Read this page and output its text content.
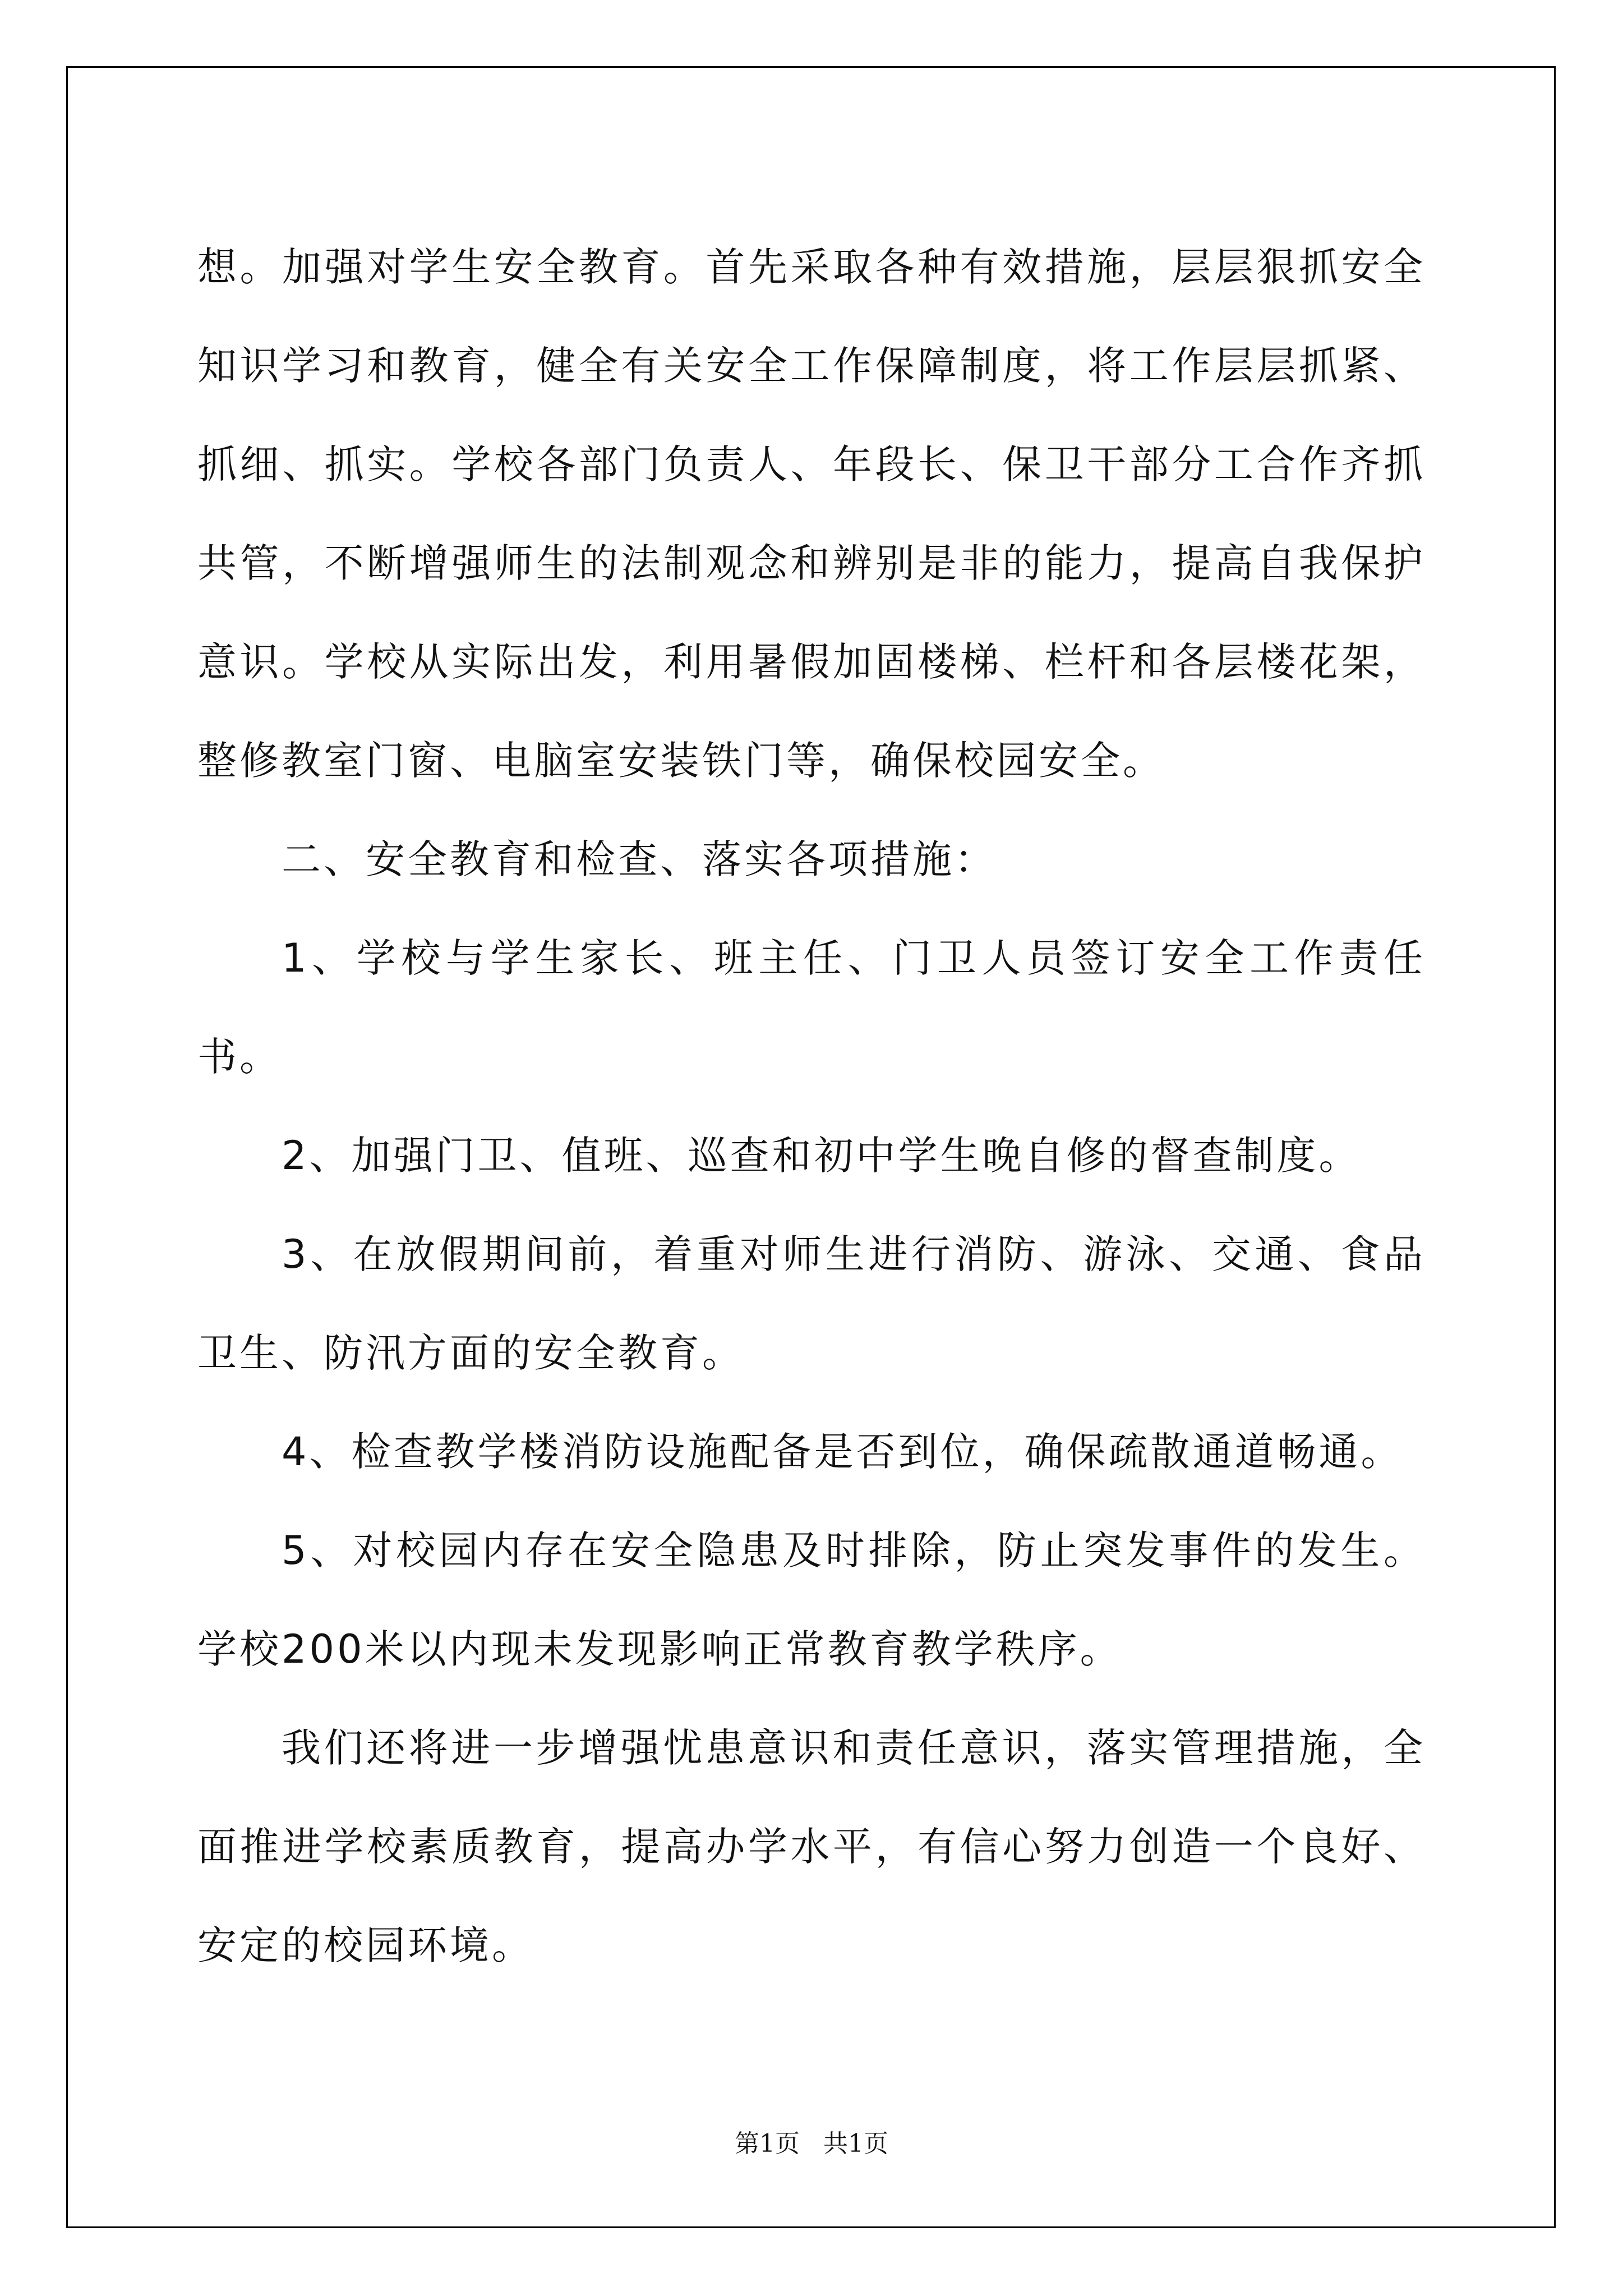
想。加强对学生安全教育。首先采取各种有效措施，层层狠抓安全知识学习和教育，健全有关安全工作保障制度，将工作层层抓紧、抓细、抓实。学校各部门负责人、年段长、保卫干部分工合作齐抓共管，不断增强师生的法制观念和辨别是非的能力，提高自我保护意识。学校从实际出发，利用暑假加固楼梯、栏杆和各层楼花架，整修教室门窗、电脑室安装铁门等，确保校园安全。

二、安全教育和检查、落实各项措施：

1、学校与学生家长、班主任、门卫人员签订安全工作责任书。

2、加强门卫、值班、巡查和初中学生晚自修的督查制度。

3、在放假期间前，着重对师生进行消防、游泳、交通、食品卫生、防汛方面的安全教育。

4、检查教学楼消防设施配备是否到位，确保疏散通道畅通。

5、对校园内存在安全隐患及时排除，防止突发事件的发生。学校200米以内现未发现影响正常教育教学秩序。

我们还将进一步增强忧患意识和责任意识，落实管理措施，全面推进学校素质教育，提高办学水平，有信心努力创造一个良好、安定的校园环境。

第1页   共1页
